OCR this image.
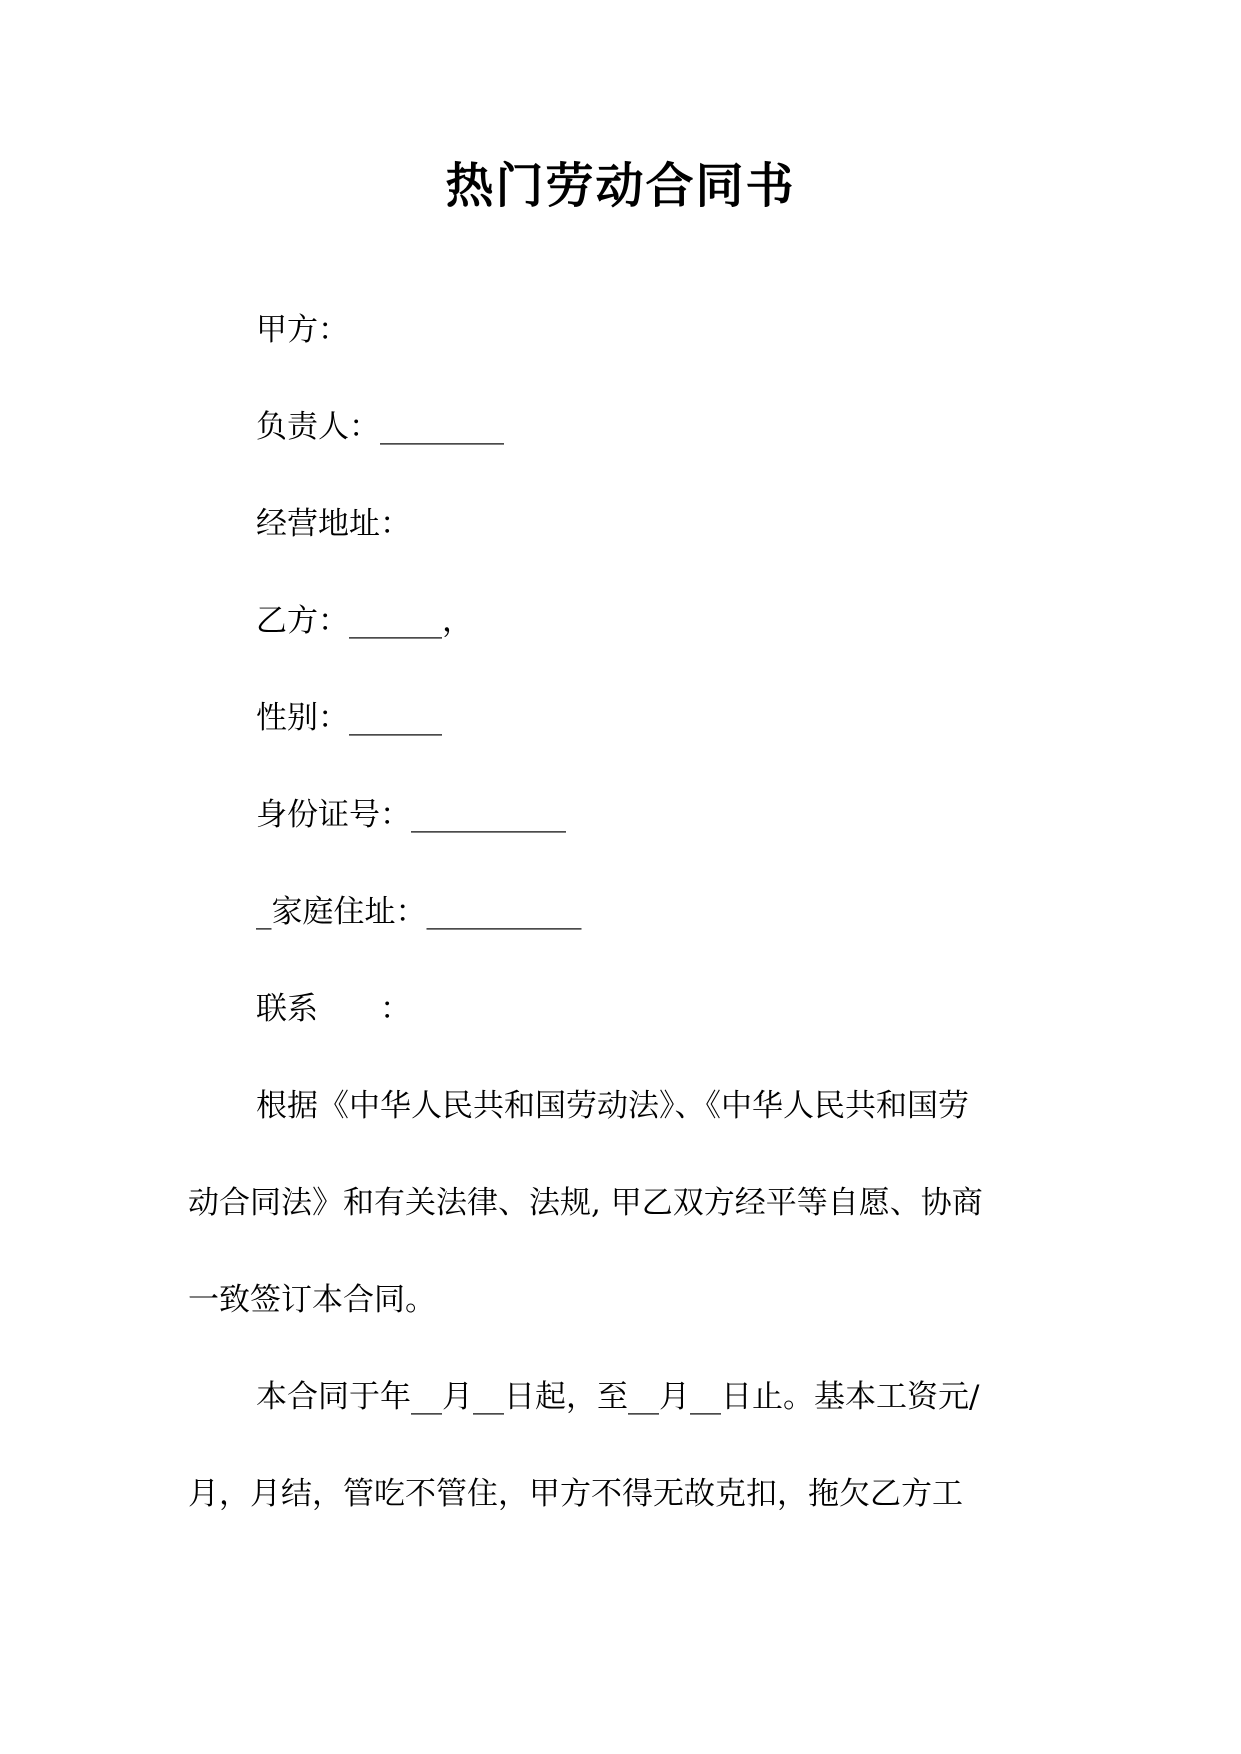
热门劳动合同书
甲方：
负责人：________
经营地址：
乙方：______，
性别：______
身份证号：__________
_家庭住址：__________
联系　　：
根据《中华人民共和国劳动法》、《中华人民共和国劳
动合同法》和有关法律、法规, 甲乙双方经平等自愿、协商
一致签订本合同。
本合同于年__月__日起，至__月__日止。基本工资元/
月，月结，管吃不管住，甲方不得无故克扣，拖欠乙方工
